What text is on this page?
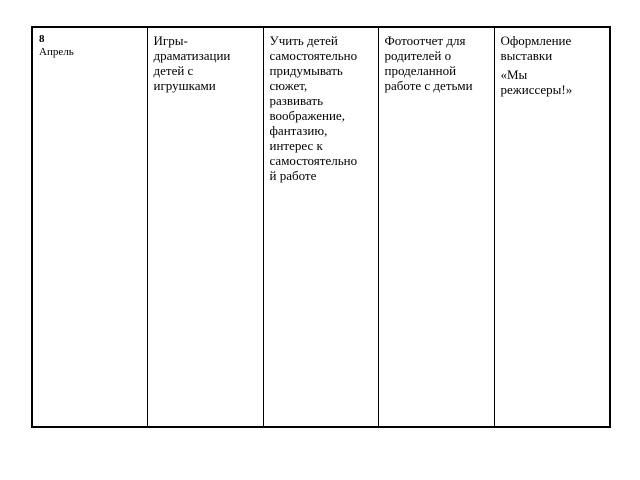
8
Апрель

Игры-
драматизации
детей с
игрушками

Учить детей
самостоятельно
придумывать
сюжет,
развивать
воображение,
фантазию,
интерес к
самостоятельно
й работе

Фотоотчет для
родителей о
проделанной
работе с детьми

Оформление
выставки
«Мы
режиссеры!»
